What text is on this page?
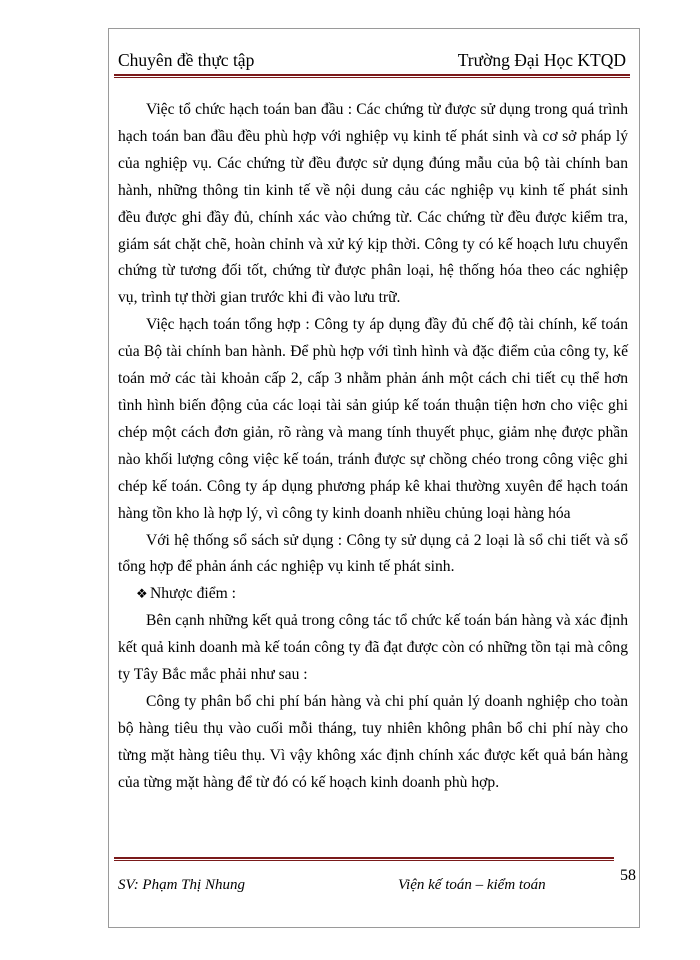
Chuyên đề thực tập	Trường Đại Học KTQD

Việc tổ chức hạch toán ban đầu : Các chứng từ được sử dụng trong quá trình hạch toán ban đầu đều phù hợp với nghiệp vụ kinh tế phát sinh và cơ sở pháp lý của nghiệp vụ. Các chứng từ đều được sử dụng đúng mẫu của bộ tài chính ban hành, những thông tin kinh tế về nội dung cảu các nghiệp vụ kinh tế phát sinh đều được ghi đầy đủ, chính xác vào chứng từ. Các chứng từ đều được kiểm tra, giám sát chặt chẽ, hoàn chỉnh và xử ký kịp thời. Công ty có kế hoạch lưu chuyển chứng từ tương đối tốt, chứng từ được phân loại, hệ thống hóa theo các nghiệp vụ, trình tự thời gian trước khi đi vào lưu trữ.

Việc hạch toán tổng hợp : Công ty áp dụng đầy đủ chế độ tài chính, kế toán của Bộ tài chính ban hành. Để phù hợp với tình hình và đặc điểm của công ty, kế toán mở các tài khoản cấp 2, cấp 3 nhằm phản ánh một cách chi tiết cụ thể hơn tình hình biến động của các loại tài sản giúp kế toán thuận tiện hơn cho việc ghi chép một cách đơn giản, rõ ràng và mang tính thuyết phục, giảm nhẹ được phần nào khối lượng công việc kế toán, tránh được sự chồng chéo trong công việc ghi chép kế toán. Công ty áp dụng phương pháp kê khai thường xuyên để hạch toán hàng tồn kho là hợp lý, vì công ty kinh doanh nhiều chủng loại hàng hóa

Với hệ thống sổ sách sử dụng : Công ty sử dụng cả 2 loại là sổ chi tiết và sổ tổng hợp để phản ánh các nghiệp vụ kinh tế phát sinh.

❖ Nhược điểm :

Bên cạnh những kết quả trong công tác tổ chức kế toán bán hàng và xác định kết quả kinh doanh mà kế toán công ty đã đạt được còn có những tồn tại mà công ty Tây Bắc mắc phải như sau :

Công ty phân bổ chi phí bán hàng và chi phí quản lý doanh nghiệp cho toàn bộ hàng tiêu thụ vào cuối mỗi tháng, tuy nhiên không phân bổ chi phí này cho từng mặt hàng tiêu thụ. Vì vậy không xác định chính xác được kết quả bán hàng của từng mặt hàng để từ đó có kế hoạch kinh doanh phù hợp.

SV: Phạm Thị Nhung	Viện kế toán – kiểm toán
58
